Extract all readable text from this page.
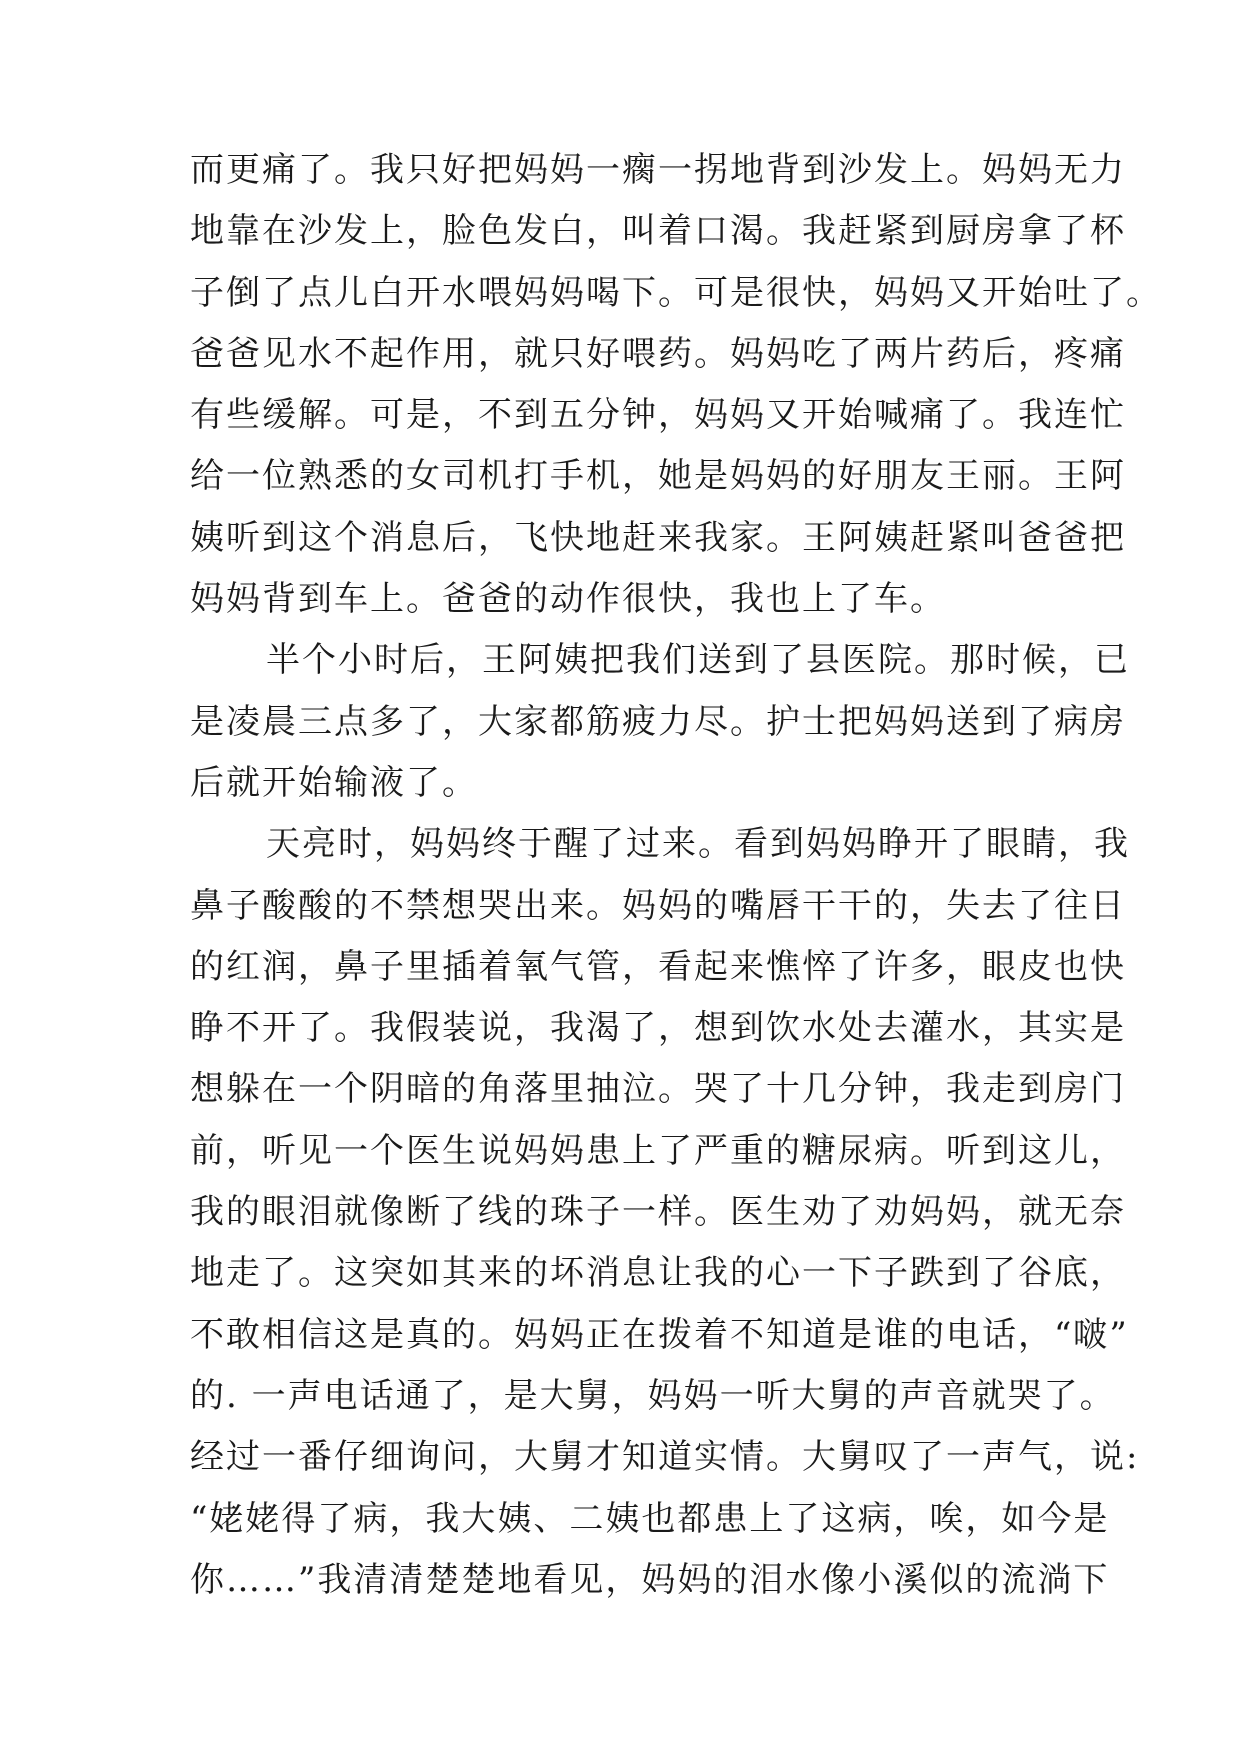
而更痛了。我只好把妈妈一瘸一拐地背到沙发上。妈妈无力
地靠在沙发上，脸色发白，叫着口渴。我赶紧到厨房拿了杯
子倒了点儿白开水喂妈妈喝下。可是很快，妈妈又开始吐了。
爸爸见水不起作用，就只好喂药。妈妈吃了两片药后，疼痛
有些缓解。可是，不到五分钟，妈妈又开始喊痛了。我连忙
给一位熟悉的女司机打手机，她是妈妈的好朋友王丽。王阿
姨听到这个消息后，飞快地赶来我家。王阿姨赶紧叫爸爸把
妈妈背到车上。爸爸的动作很快，我也上了车。
半个小时后，王阿姨把我们送到了县医院。那时候，已
是凌晨三点多了，大家都筋疲力尽。护士把妈妈送到了病房
后就开始输液了。
天亮时，妈妈终于醒了过来。看到妈妈睁开了眼睛，我
鼻子酸酸的不禁想哭出来。妈妈的嘴唇干干的，失去了往日
的红润，鼻子里插着氧气管，看起来憔悴了许多，眼皮也快
睁不开了。我假装说，我渴了，想到饮水处去灌水，其实是
想躲在一个阴暗的角落里抽泣。哭了十几分钟，我走到房门
前，听见一个医生说妈妈患上了严重的糖尿病。听到这儿，
我的眼泪就像断了线的珠子一样。医生劝了劝妈妈，就无奈
地走了。这突如其来的坏消息让我的心一下子跌到了谷底，
不敢相信这是真的。妈妈正在拨着不知道是谁的电话，“啵”
的. 一声电话通了，是大舅，妈妈一听大舅的声音就哭了。
经过一番仔细询问，大舅才知道实情。大舅叹了一声气，说:
“姥姥得了病，我大姨、二姨也都患上了这病，唉，如今是
你……”我清清楚楚地看见，妈妈的泪水像小溪似的流淌下
